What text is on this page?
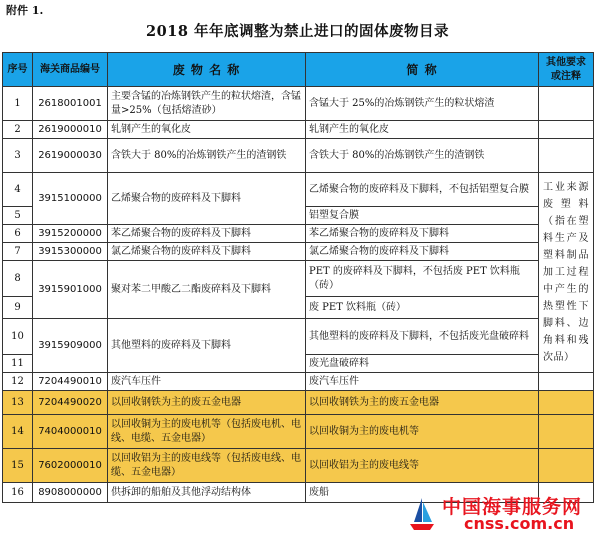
附件 1.
2018 年年底调整为禁止进口的固体废物目录
序号	海关商品编号	废 物 名 称	简 称	其他要求或注释
1	2618001001	主要含锰的冶炼钢铁产生的粒状熔渣，含锰量>25%（包括熔渣砂）	含锰大于 25%的冶炼钢铁产生的粒状熔渣	
2	2619000010	轧钢产生的氧化皮	轧钢产生的氧化皮	
3	2619000030	含铁大于 80%的冶炼钢铁产生的渣钢铁	含铁大于 80%的冶炼钢铁产生的渣钢铁	
4	3915100000	乙烯聚合物的废碎料及下脚料	乙烯聚合物的废碎料及下脚料，不包括铝塑复合膜	工业来源废塑料（指在塑料生产及塑料制品加工过程中产生的热塑性下脚料、边角料和残次品）
5			铝塑复合膜	
6	3915200000	苯乙烯聚合物的废碎料及下脚料	苯乙烯聚合物的废碎料及下脚料	
7	3915300000	氯乙烯聚合物的废碎料及下脚料	氯乙烯聚合物的废碎料及下脚料	
8	3915901000	聚对苯二甲酸乙二酯废碎料及下脚料	PET 的废碎料及下脚料，不包括废 PET 饮料瓶（砖）	
9			废 PET 饮料瓶（砖）	
10	3915909000	其他塑料的废碎料及下脚料	其他塑料的废碎料及下脚料，不包括废光盘破碎料	
11			废光盘破碎料	
12	7204490010	废汽车压件	废汽车压件	
13	7204490020	以回收钢铁为主的废五金电器	以回收钢铁为主的废五金电器	
14	7404000010	以回收铜为主的废电机等（包括废电机、电线、电缆、五金电器）	以回收铜为主的废电机等	
15	7602000010	以回收铝为主的废电线等（包括废电线、电缆、五金电器）	以回收铝为主的废电线等	
16	8908000000	供拆卸的船舶及其他浮动结构体	废船	
中国海事服务网
cnss.com.cn
